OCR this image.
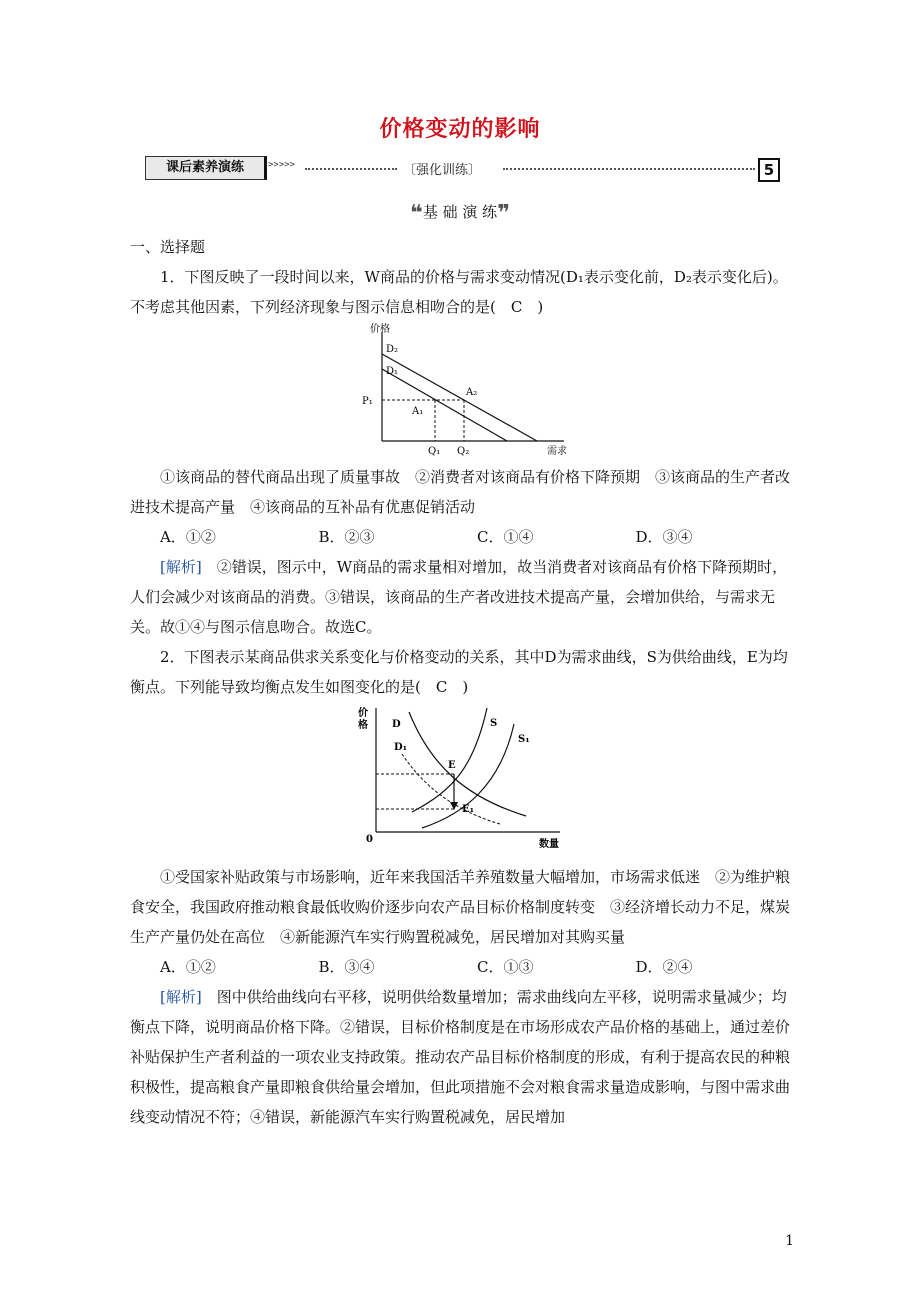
价格变动的影响
课后素养演练	>>>>>	〔强化训练〕	5
❝基 础 演 练❞

一、选择题

1．下图反映了一段时间以来，W商品的价格与需求变动情况(D₁表示变化前，D₂表示变化后)。不考虑其他因素，下列经济现象与图示信息相吻合的是(　C　)

价格
需求
D₂
D₁
A₂
A₁
P₁
Q₁ Q₂

①该商品的替代商品出现了质量事故　②消费者对该商品有价格下降预期　③该商品的生产者改进技术提高产量　④该商品的互补品有优惠促销活动

A．①②	B．②③	C．①④	D．③④

[解析]　 ②错误，图示中，W商品的需求量相对增加，故当消费者对该商品有价格下降预期时，人们会减少对该商品的消费。③错误，该商品的生产者改进技术提高产量，会增加供给，与需求无关。故①④与图示信息吻合。故选C。

2．下图表示某商品供求关系变化与价格变动的关系，其中D为需求曲线，S为供给曲线，E为均衡点。下列能导致均衡点发生如图变化的是(　C　)

价
格
数量
0
D	S
D₁
S₁
E
E₁

①受国家补贴政策与市场影响，近年来我国活羊养殖数量大幅增加，市场需求低迷　②为维护粮食安全，我国政府推动粮食最低收购价逐步向农产品目标价格制度转变　③经济增长动力不足，煤炭生产产量仍处在高位　④新能源汽车实行购置税减免，居民增加对其购买量

A．①②	B．③④	C．①③	D．②④

[解析]　 图中供给曲线向右平移，说明供给数量增加；需求曲线向左平移，说明需求量减少；均衡点下降，说明商品价格下降。②错误，目标价格制度是在市场形成农产品价格的基础上，通过差价补贴保护生产者利益的一项农业支持政策。推动农产品目标价格制度的形成，有利于提高农民的种粮积极性，提高粮食产量即粮食供给量会增加，但此项措施不会对粮食需求量造成影响，与图中需求曲线变动情况不符；④错误，新能源汽车实行购置税减免，居民增加

1
